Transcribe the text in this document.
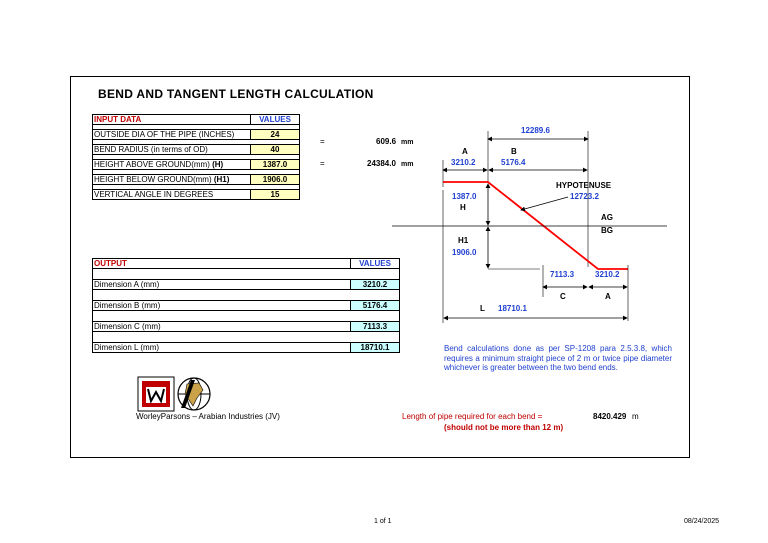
BEND AND TANGENT LENGTH CALCULATION
INPUT DATA	VALUES

OUTSIDE DIA OF THE PIPE (INCHES)	24

BEND RADIUS (in terms of OD)	40

HEIGHT ABOVE GROUND(mm) (H)	1387.0

HEIGHT BELOW GROUND(mm) (H1)	1906.0

VERTICAL ANGLE IN DEGREES	15
=	609.6 mm
=	24384.0 mm
OUTPUT	VALUES

Dimension A (mm)	3210.2

Dimension B (mm)	5176.4

Dimension C (mm)	7113.3

Dimension L (mm)	18710.1
12289.6
A	B
3210.2	5176.4
1387.0
H
HYPOTENUSE
12723.2
AG
BG
H1
1906.0
7113.3	3210.2
C	A
L 18710.1
Bend calculations done as per SP-1208 para 2.5.3.8, which requires a minimum straight piece of 2 m or twice pipe diameter whichever is greater between the two bend ends.
WorleyParsons – Arabian Industries (JV)	Length of pipe required for each bend =	8420.429 m
(should not be more than 12 m)
1 of 1	08/24/2025
